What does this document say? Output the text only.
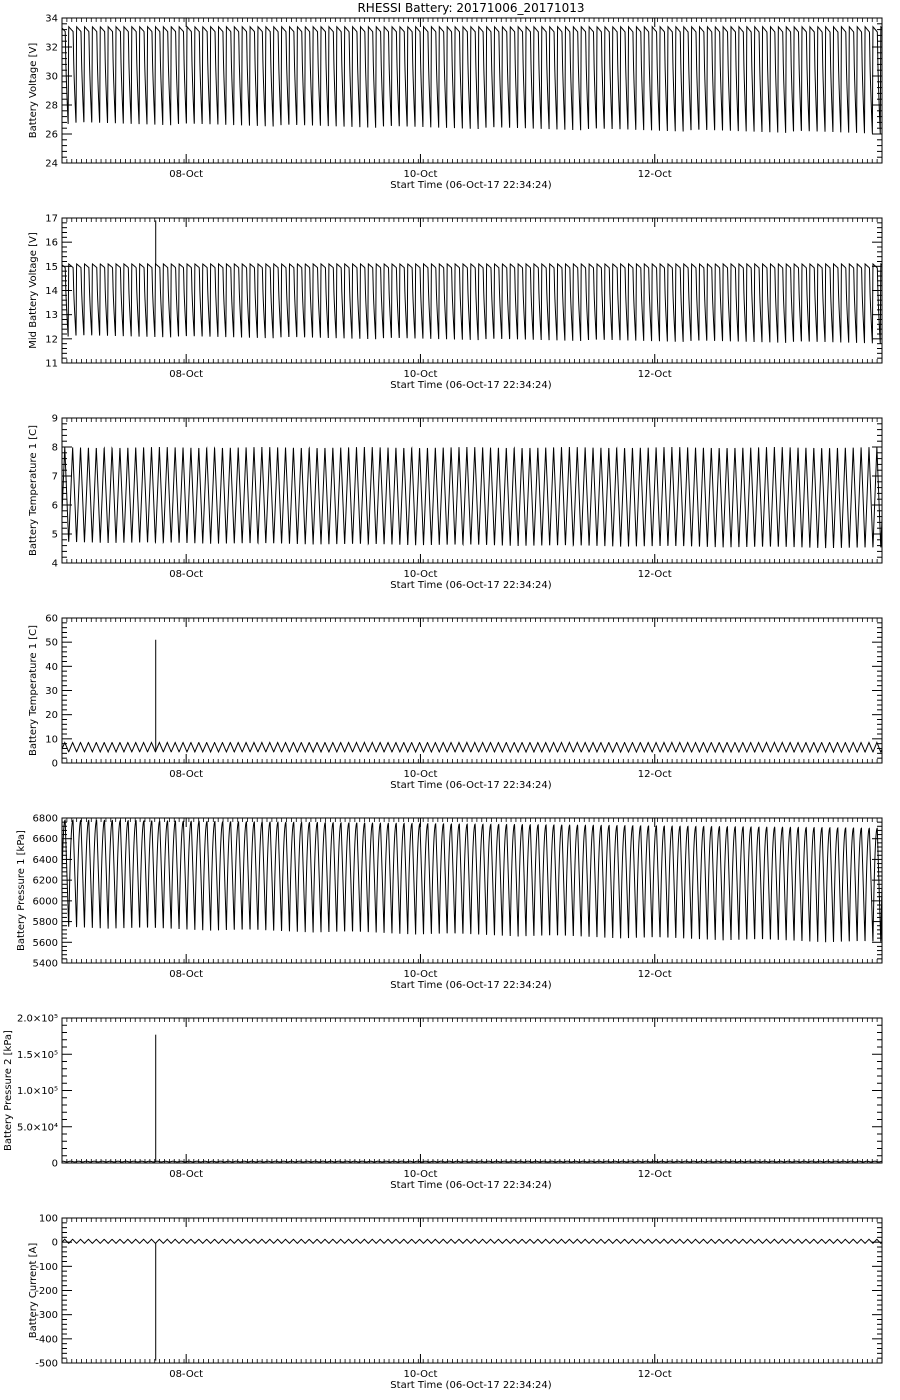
RHESSI Battery: 20171006_20171013
24
26
28
30
32
34
08-Oct	10-Oct	12-Oct
Start Time (06-Oct-17 22:34:24)
Battery Voltage [V]
11
12
13
14
15
16
17
08-Oct	10-Oct	12-Oct
Start Time (06-Oct-17 22:34:24)
Mid Battery Voltage [V]
4
5
6
7
8
9
08-Oct	10-Oct	12-Oct
Start Time (06-Oct-17 22:34:24)
Battery Temperature 1 [C]
0
10
20
30
40
50
60
08-Oct	10-Oct	12-Oct
Start Time (06-Oct-17 22:34:24)
Battery Temperature 1 [C]
5400
5600
5800
6000
6200
6400
6600
6800
08-Oct	10-Oct	12-Oct
Start Time (06-Oct-17 22:34:24)
Battery Pressure 1 [kPa]
0
5.0×10⁴
1.0×10⁵
1.5×10⁵
2.0×10⁵
08-Oct	10-Oct	12-Oct
Start Time (06-Oct-17 22:34:24)
Battery Pressure 2 [kPa]
-500
-400
-300
-200
-100
0
100
08-Oct	10-Oct	12-Oct
Start Time (06-Oct-17 22:34:24)
Battery Current [A]
